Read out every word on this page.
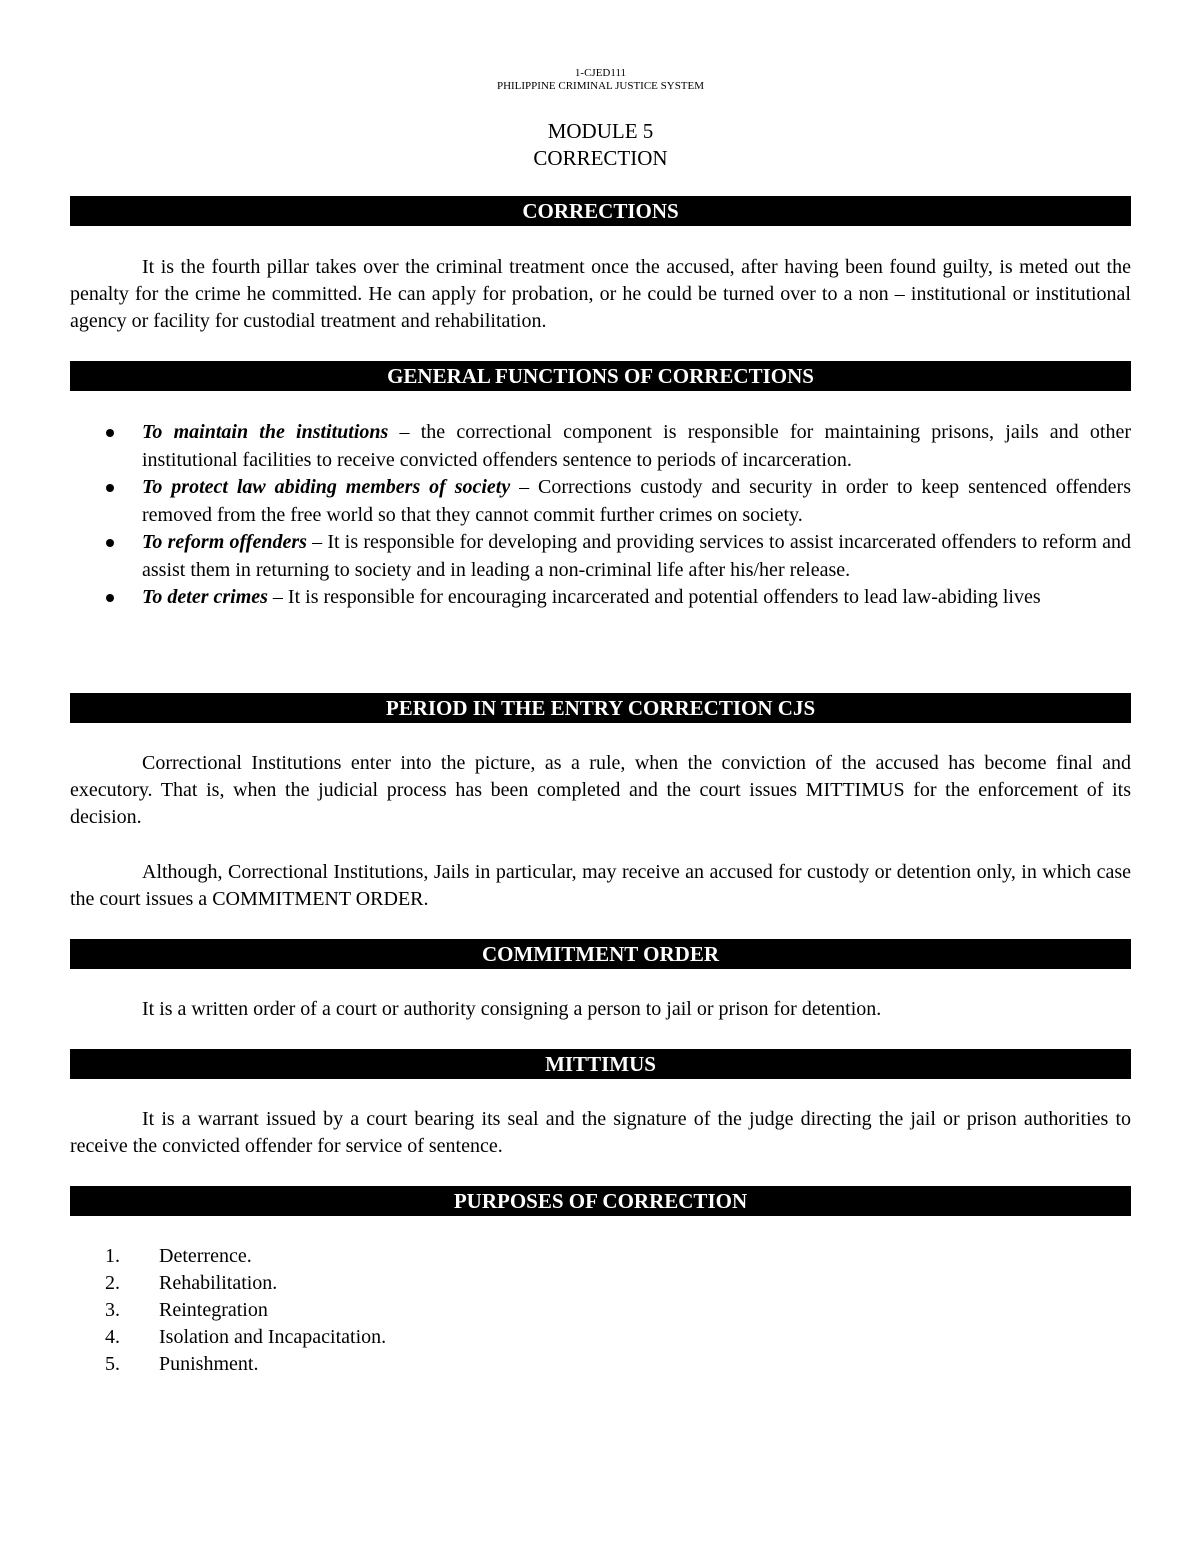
1-CJED111
PHILIPPINE CRIMINAL JUSTICE SYSTEM
MODULE 5
CORRECTION
CORRECTIONS

It is the fourth pillar takes over the criminal treatment once the accused, after having been found guilty, is meted out the penalty for the crime he committed. He can apply for probation, or he could be turned over to a non – institutional or institutional agency or facility for custodial treatment and rehabilitation.

GENERAL FUNCTIONS OF CORRECTIONS
To maintain the institutions – the correctional component is responsible for maintaining prisons, jails and other institutional facilities to receive convicted offenders sentence to periods of incarceration.
To protect law abiding members of society – Corrections custody and security in order to keep sentenced offenders removed from the free world so that they cannot commit further crimes on society.
To reform offenders – It is responsible for developing and providing services to assist incarcerated offenders to reform and assist them in returning to society and in leading a non-criminal life after his/her release.
To deter crimes – It is responsible for encouraging incarcerated and potential offenders to lead law-abiding lives
PERIOD IN THE ENTRY CORRECTION CJS

Correctional Institutions enter into the picture, as a rule, when the conviction of the accused has become final and executory. That is, when the judicial process has been completed and the court issues MITTIMUS for the enforcement of its decision.

Although, Correctional Institutions, Jails in particular, may receive an accused for custody or detention only, in which case the court issues a COMMITMENT ORDER.

COMMITMENT ORDER

It is a written order of a court or authority consigning a person to jail or prison for detention.

MITTIMUS

It is a warrant issued by a court bearing its seal and the signature of the judge directing the jail or prison authorities to receive the convicted offender for service of sentence.

PURPOSES OF CORRECTION
1. Deterrence.
2. Rehabilitation.
3. Reintegration
4. Isolation and Incapacitation.
5. Punishment.
